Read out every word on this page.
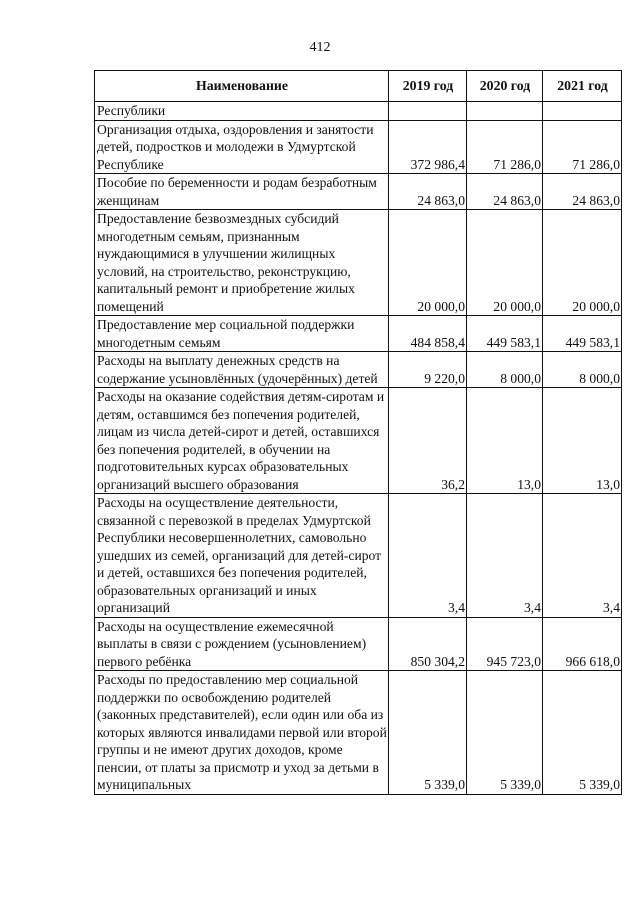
412
Наименование	2019 год	2020 год	2021 год
Республики			
Организация отдыха, оздоровления и занятости детей, подростков и молодежи в Удмуртской Республике	372 986,4	71 286,0	71 286,0
Пособие по беременности и родам безработным женщинам	24 863,0	24 863,0	24 863,0
Предоставление безвозмездных субсидий многодетным семьям, признанным нуждающимися в улучшении жилищных условий, на строительство, реконструкцию, капитальный ремонт и приобретение жилых помещений	20 000,0	20 000,0	20 000,0
Предоставление мер социальной поддержки многодетным семьям	484 858,4	449 583,1	449 583,1
Расходы на выплату денежных средств на содержание усыновлённых (удочерённых) детей	9 220,0	8 000,0	8 000,0
Расходы на оказание содействия детям-сиротам и детям, оставшимся без попечения родителей, лицам из числа детей-сирот и детей, оставшихся без попечения родителей, в обучении на подготовительных курсах образовательных организаций высшего образования	36,2	13,0	13,0
Расходы на осуществление деятельности, связанной с перевозкой в пределах Удмуртской Республики несовершеннолетних, самовольно ушедших из семей, организаций для детей-сирот и детей, оставшихся без попечения родителей, образовательных организаций и иных организаций	3,4	3,4	3,4
Расходы на осуществление ежемесячной выплаты в связи с рождением (усыновлением) первого ребёнка	850 304,2	945 723,0	966 618,0
Расходы по предоставлению мер социальной поддержки по освобождению родителей (законных представителей), если один или оба из которых являются инвалидами первой или второй группы и не имеют других доходов, кроме пенсии, от платы за присмотр и уход за детьми в муниципальных	5 339,0	5 339,0	5 339,0
